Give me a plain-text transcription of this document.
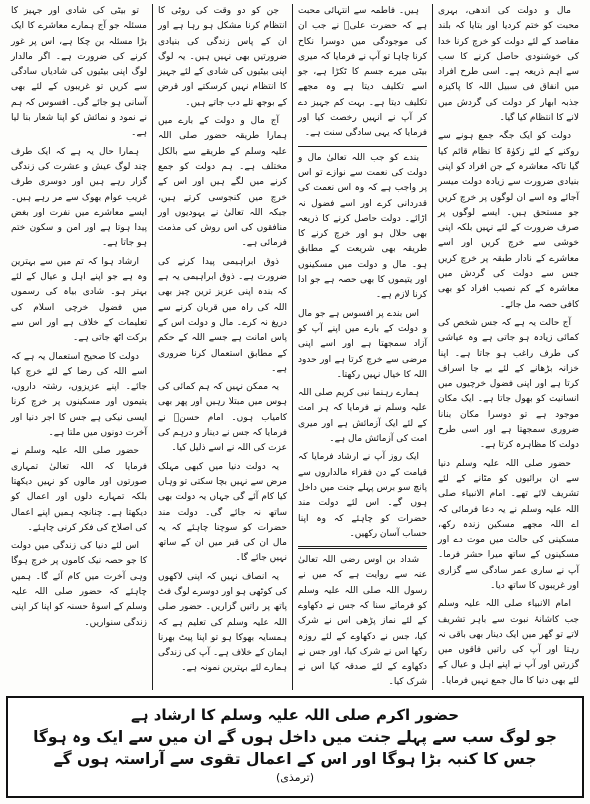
مال و دولت کی اندھی، بہری محبت کو ختم کردیا اور بتایا کہ بلند مقاصد کے لئے دولت کو خرچ کرنا خدا کی خوشنودی حاصل کرنے کا سب سے اہم ذریعہ ہے۔ اسی طرح افراد میں انفاق فی سبیل اللہ کا پاکیزہ جذبہ ابھار کر دولت کی گردش میں لانے کا انتظام کیا گیا۔

دولت کو ایک جگہ جمع ہونے سے روکنے کے لئے زکوٰۃ کا نظام قائم کیا گیا تاکہ معاشرہ کے جن افراد کو اپنی بنیادی ضرورت سے زیادہ دولت میسر آجائے وہ اسے ان لوگوں پر خرچ کریں جو مستحق ہیں۔ ایسے لوگوں پر صرف ضرورت کے لئے نہیں بلکہ اپنی خوشی سے خرچ کریں اور اسے معاشرے کے نادار طبقہ پر خرچ کریں جس سے دولت کی گردش میں معاشرہ کے کم نصیب افراد کو بھی کافی حصہ مل جائے۔

آج حالت یہ ہے کہ جس شخص کی کمائی زیادہ ہو جاتی ہے وہ عیاشی کی طرف راغب ہو جاتا ہے۔ اپنا خزانہ بڑھانے کے لئے بے جا اسراف کرتا ہے اور اپنی فضول خرچیوں میں انسانیت کو بھول جاتا ہے۔ ایک مکان موجود ہے تو دوسرا مکان بنانا ضروری سمجھتا ہے اور اسی طرح دولت کا مظاہرہ کرتا ہے۔

حضور صلی اللہ علیہ وسلم دنیا سے ان برائیوں کو مٹانے کے لئے تشریف لائے تھے۔ امام الانبیاء صلی اللہ علیہ وسلم نے یہ دعا فرمائی کہ اے اللہ مجھے مسکین زندہ رکھ، مسکینی کی حالت میں موت دے اور مسکینوں کے ساتھ میرا حشر فرما۔ آپ نے ساری عمر سادگی سے گزاری اور غریبوں کا ساتھ دیا۔

امام الانبیاء صلی اللہ علیہ وسلم جب کاشانۂ نبوت سے باہر تشریف لاتے تو گھر میں ایک دینار بھی باقی نہ رہتا اور آپ کی راتیں فاقوں میں گزرتیں اور آپ نے اپنے اہل و عیال کے لئے بھی دنیا کا مال جمع نہیں فرمایا۔

ہیں۔ فاطمہ سے انتہائی محبت ہے کہ حضرت علیؓ نے جب ان کی موجودگی میں دوسرا نکاح کرنا چاہا تو آپ نے فرمایا کہ میری بیٹی میرے جسم کا ٹکڑا ہے، جو اسے تکلیف دیتا ہے وہ مجھے تکلیف دیتا ہے۔ بہت کم جہیز دے کر آپ نے انہیں رخصت کیا اور فرمایا کہ یہی سادگی سنت ہے۔

بندے کو جب اللہ تعالیٰ مال و دولت کی نعمت سے نوازے تو اس پر واجب ہے کہ وہ اس نعمت کی قدردانی کرے اور اسے فضول نہ اڑائے۔ دولت حاصل کرنے کا ذریعہ بھی حلال ہو اور خرچ کرنے کا طریقہ بھی شریعت کے مطابق ہو۔ مال و دولت میں مسکینوں اور یتیموں کا بھی حصہ ہے جو ادا کرنا لازم ہے۔

اس بندے پر افسوس ہے جو مال و دولت کے بارے میں اپنے آپ کو آزاد سمجھتا ہے اور اسے اپنی مرضی سے خرچ کرتا ہے اور حدود اللہ کا خیال نہیں رکھتا۔

ہمارے رہنما نبی کریم صلی اللہ علیہ وسلم نے فرمایا کہ ہر امت کے لئے ایک آزمائش ہے اور میری امت کی آزمائش مال ہے۔

ایک روز آپ نے ارشاد فرمایا کہ قیامت کے دن فقراء مالداروں سے پانچ سو برس پہلے جنت میں داخل ہوں گے۔ اس لئے دولت مند حضرات کو چاہئے کہ وہ اپنا حساب آسان رکھیں۔

شداد بن اوس رضی اللہ تعالیٰ عنہ سے روایت ہے کہ میں نے رسول اللہ صلی اللہ علیہ وسلم کو فرماتے سنا کہ جس نے دکھاوے کے لئے نماز پڑھی اس نے شرک کیا، جس نے دکھاوے کے لئے روزہ رکھا اس نے شرک کیا، اور جس نے دکھاوے کے لئے صدقہ کیا اس نے شرک کیا۔

جن کو دو وقت کی روٹی کا انتظام کرنا مشکل ہو رہا ہے اور ان کے پاس زندگی کی بنیادی ضرورتیں بھی نہیں ہیں۔ یہ لوگ اپنی بیٹیوں کی شادی کے لئے جہیز کا انتظام نہیں کرسکتے اور قرض کے بوجھ تلے دب جاتے ہیں۔

آج مال و دولت کے بارے میں ہمارا طریقہ حضور صلی اللہ علیہ وسلم کے طریقے سے بالکل مختلف ہے۔ ہم دولت کو جمع کرنے میں لگے ہیں اور اس کے خرچ میں کنجوسی کرتے ہیں، جبکہ اللہ تعالیٰ نے یہودیوں اور منافقوں کی اس روش کی مذمت فرمائی ہے۔

ذوق ابراہیمی پیدا کرنے کی ضرورت ہے۔ ذوق ابراہیمی یہ ہے کہ بندہ اپنی عزیز ترین چیز بھی اللہ کی راہ میں قربان کرنے سے دریغ نہ کرے۔ مال و دولت اس کے پاس امانت ہے جسے اللہ کے حکم کے مطابق استعمال کرنا ضروری ہے۔

یہ ممکن نہیں کہ ہم کمائی کی ہوس میں مبتلا رہیں اور پھر بھی کامیاب ہوں۔ امام حسنؓ نے فرمایا کہ جس نے دینار و درہم کی عزت کی اللہ نے اسے ذلیل کیا۔

یہ دولت دنیا میں کبھی مہلک مرض سے نہیں بچا سکتی تو وہاں کیا کام آئے گی جہاں یہ دولت بھی ساتھ نہ جائے گی۔ دولت مند حضرات کو سوچنا چاہئے کہ یہ مال ان کی قبر میں ان کے ساتھ نہیں جائے گا۔

یہ انصاف نہیں کہ اپنی لاکھوں کی کوٹھی ہو اور دوسرے لوگ فٹ پاتھ پر راتیں گزاریں۔ حضور صلی اللہ علیہ وسلم کی تعلیم ہے کہ ہمسایہ بھوکا ہو تو اپنا پیٹ بھرنا ایمان کے خلاف ہے۔ آپ کی زندگی ہمارے لئے بہترین نمونہ ہے۔

تو بیٹی کی شادی اور جہیز کا مسئلہ جو آج ہمارے معاشرے کا ایک بڑا مسئلہ بن چکا ہے، اس پر غور کرنے کی ضرورت ہے۔ اگر مالدار لوگ اپنی بیٹیوں کی شادیاں سادگی سے کریں تو غریبوں کے لئے بھی آسانی ہو جائے گی۔ افسوس کہ ہم نے نمود و نمائش کو اپنا شعار بنا لیا ہے۔

ہمارا حال یہ ہے کہ ایک طرف چند لوگ عیش و عشرت کی زندگی گزار رہے ہیں اور دوسری طرف غریب عوام بھوک سے مر رہے ہیں۔ ایسے معاشرے میں نفرت اور بغض پیدا ہوتا ہے اور امن و سکون ختم ہو جاتا ہے۔

ارشاد ہوا کہ تم میں سے بہترین وہ ہے جو اپنے اہل و عیال کے لئے بہتر ہو۔ شادی بیاہ کی رسموں میں فضول خرچی اسلام کی تعلیمات کے خلاف ہے اور اس سے برکت اٹھ جاتی ہے۔

دولت کا صحیح استعمال یہ ہے کہ اسے اللہ کی رضا کے لئے خرچ کیا جائے۔ اپنے عزیزوں، رشتہ داروں، یتیموں اور مسکینوں پر خرچ کرنا ایسی نیکی ہے جس کا اجر دنیا اور آخرت دونوں میں ملتا ہے۔

حضور صلی اللہ علیہ وسلم نے فرمایا کہ اللہ تعالیٰ تمہاری صورتوں اور مالوں کو نہیں دیکھتا بلکہ تمہارے دلوں اور اعمال کو دیکھتا ہے۔ چنانچہ ہمیں اپنے اعمال کی اصلاح کی فکر کرنی چاہئے۔

اس لئے دنیا کی زندگی میں دولت کا جو حصہ نیک کاموں پر خرچ ہوگا وہی آخرت میں کام آئے گا۔ ہمیں چاہئے کہ حضور صلی اللہ علیہ وسلم کے اسوۂ حسنہ کو اپنا کر اپنی زندگی سنواریں۔

حضور اکرم صلی اللہ علیہ وسلم کا ارشاد ہے
جو لوگ سب سے پہلے جنت میں داخل ہوں گے ان میں سے ایک وہ ہوگا
جس کا کنبہ بڑا ہوگا اور اس کے اعمال تقوی سے آراستہ ہوں گے
(ترمذی)
